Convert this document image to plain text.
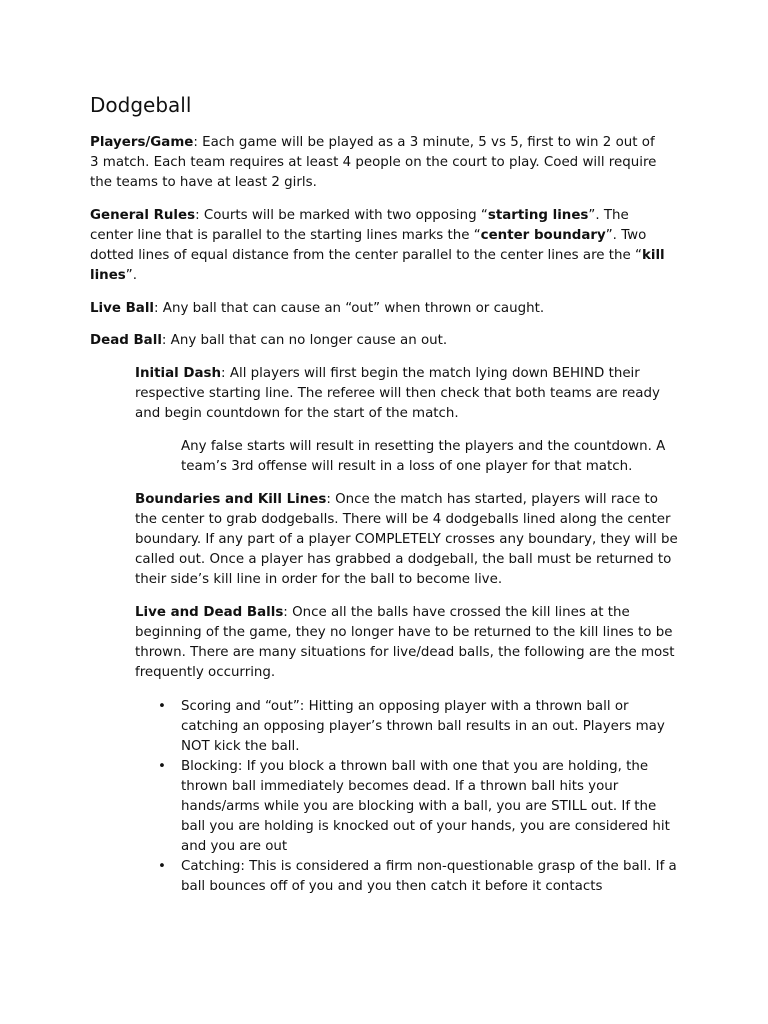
Dodgeball

Players/Game: Each game will be played as a 3 minute, 5 vs 5, first to win 2 out of 3 match. Each team requires at least 4 people on the court to play. Coed will require the teams to have at least 2 girls.

General Rules: Courts will be marked with two opposing “starting lines”. The center line that is parallel to the starting lines marks the “center boundary”. Two dotted lines of equal distance from the center parallel to the center lines are the “kill lines”.

Live Ball: Any ball that can cause an “out” when thrown or caught.

Dead Ball: Any ball that can no longer cause an out.

Initial Dash: All players will first begin the match lying down BEHIND their respective starting line. The referee will then check that both teams are ready and begin countdown for the start of the match.

Any false starts will result in resetting the players and the countdown. A team’s 3rd offense will result in a loss of one player for that match.

Boundaries and Kill Lines: Once the match has started, players will race to the center to grab dodgeballs. There will be 4 dodgeballs lined along the center boundary. If any part of a player COMPLETELY crosses any boundary, they will be called out. Once a player has grabbed a dodgeball, the ball must be returned to their side’s kill line in order for the ball to become live.

Live and Dead Balls: Once all the balls have crossed the kill lines at the beginning of the game, they no longer have to be returned to the kill lines to be thrown. There are many situations for live/dead balls, the following are the most frequently occurring.

•	Scoring and “out”: Hitting an opposing player with a thrown ball or catching an opposing player’s thrown ball results in an out. Players may NOT kick the ball.
•	Blocking: If you block a thrown ball with one that you are holding, the thrown ball immediately becomes dead. If a thrown ball hits your hands/arms while you are blocking with a ball, you are STILL out. If the ball you are holding is knocked out of your hands, you are considered hit and you are out
•	Catching: This is considered a firm non-questionable grasp of the ball. If a ball bounces off of you and you then catch it before it contacts
